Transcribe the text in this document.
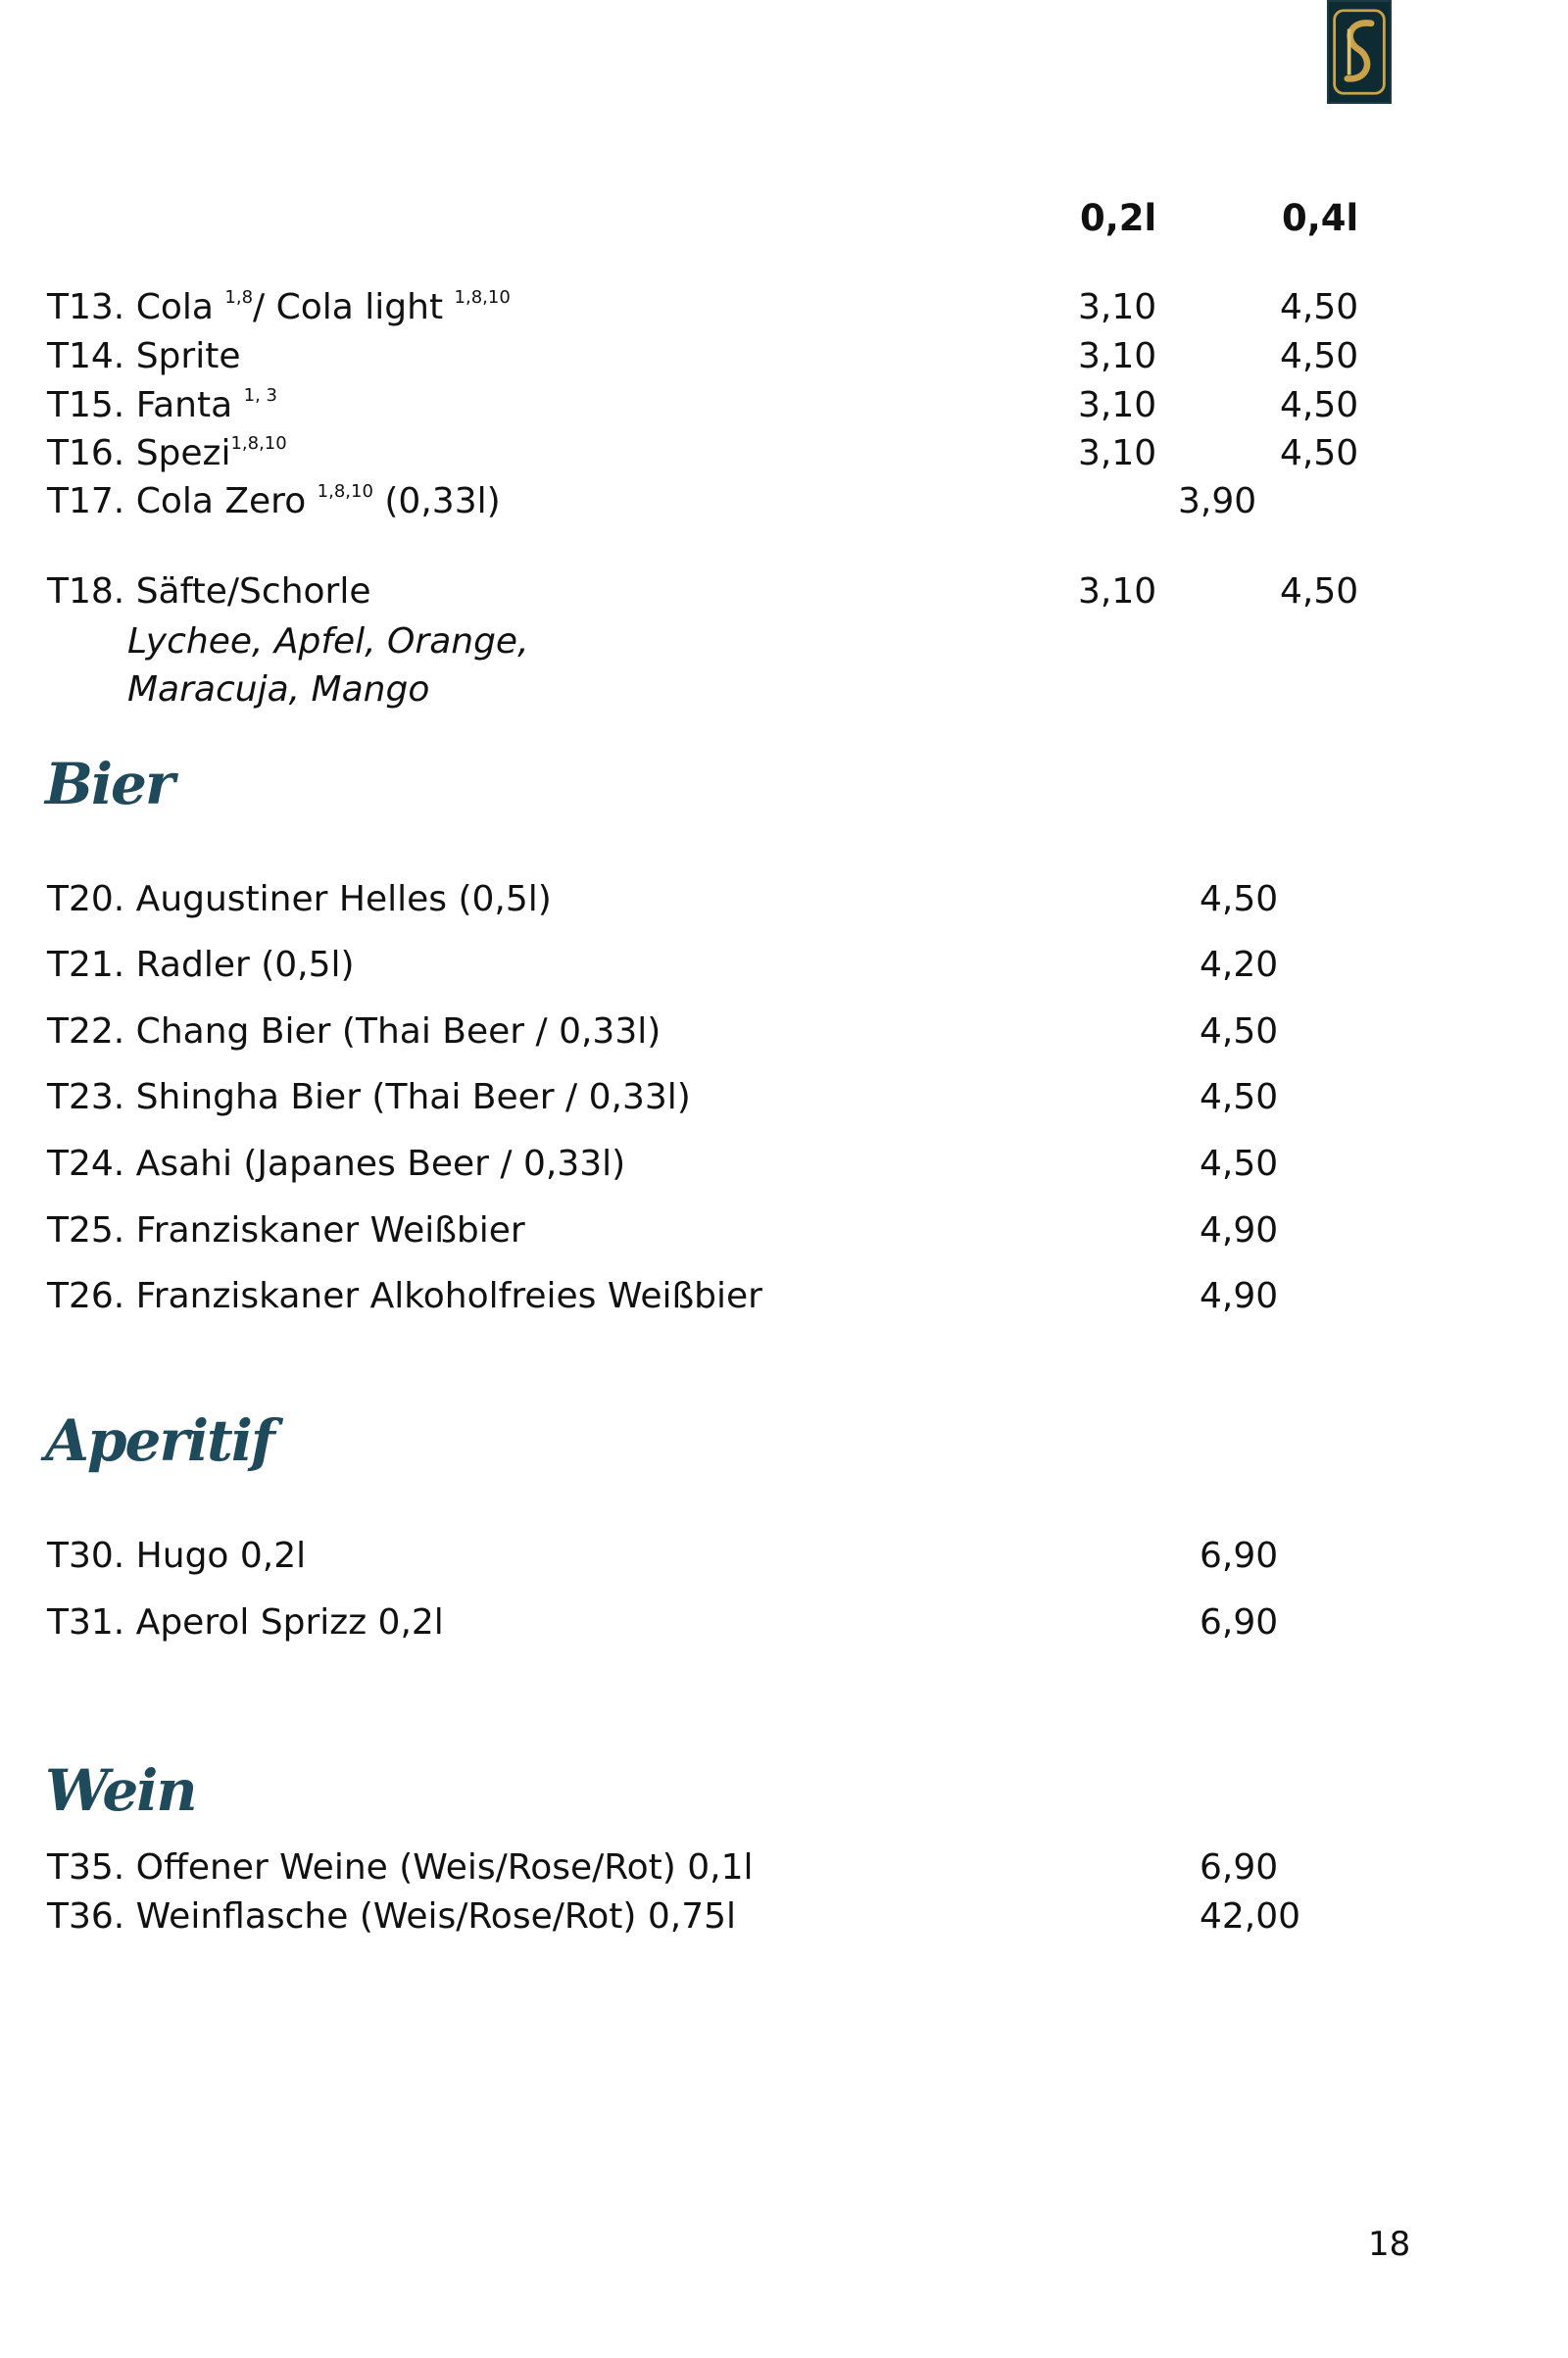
0,2l	0,4l
T13. Cola $^{1,8}$/ Cola light $^{1,8,10}$	3,10	4,50
T14. Sprite	3,10	4,50
T15. Fanta $^{1, 3}$	3,10	4,50
T16. Spezi$^{1,8,10}$	3,10	4,50
T17. Cola Zero $^{1,8,10}$ (0,33l)	3,90
T18. Säfte/Schorle	3,10	4,50
Lychee, Apfel, Orange,
Maracuja, Mango
Bier
T20. Augustiner Helles (0,5l)	4,50
T21. Radler (0,5l)	4,20
T22. Chang Bier (Thai Beer / 0,33l)	4,50
T23. Shingha Bier (Thai Beer / 0,33l)	4,50
T24. Asahi (Japanes Beer / 0,33l)	4,50
T25. Franziskaner Weißbier	4,90
T26. Franziskaner Alkoholfreies Weißbier	4,90
Aperitif
T30. Hugo 0,2l	6,90
T31. Aperol Sprizz 0,2l	6,90
Wein
T35. Offener Weine (Weis/Rose/Rot) 0,1l	6,90
T36. Weinflasche (Weis/Rose/Rot) 0,75l	42,00
18
